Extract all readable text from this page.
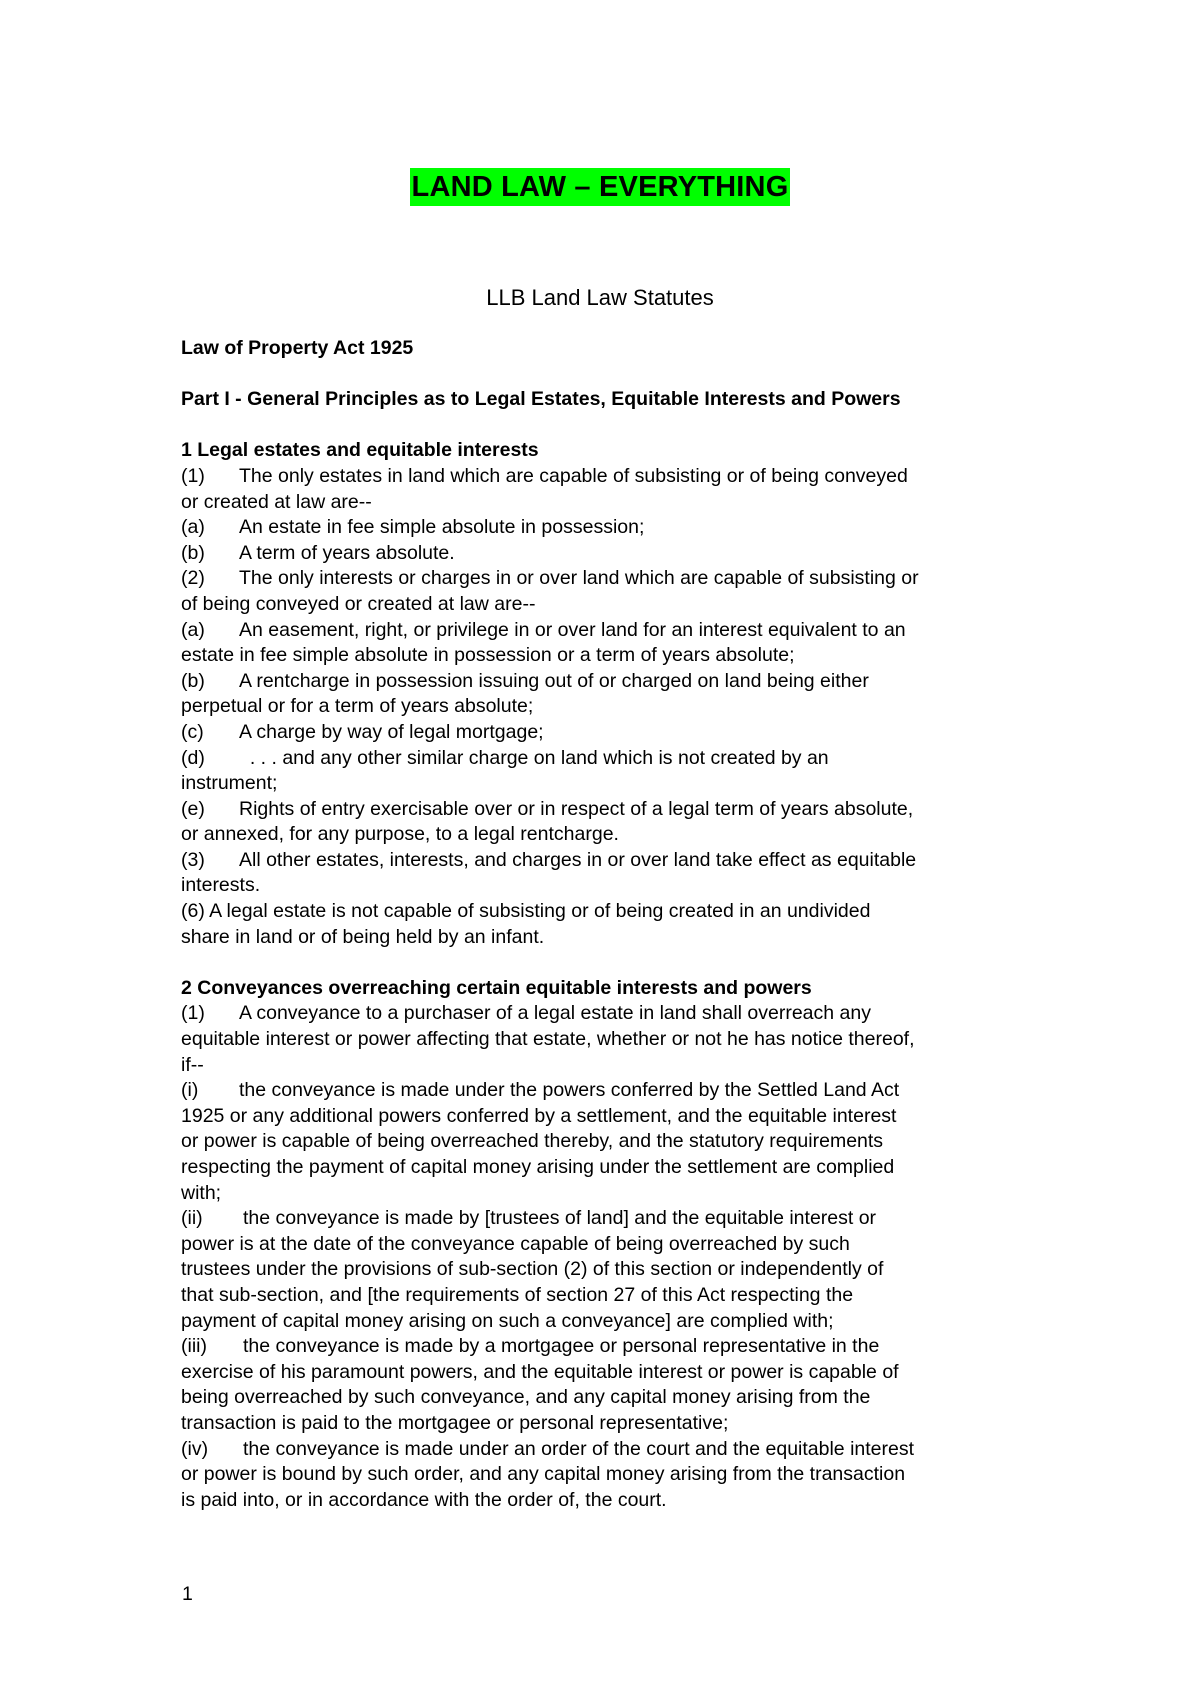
LAND LAW – EVERYTHING
LLB Land Law Statutes
Law of Property Act 1925
Part I - General Principles as to Legal Estates, Equitable Interests and Powers
1 Legal estates and equitable interests
(1) The only estates in land which are capable of subsisting or of being conveyed
or created at law are--
(a) An estate in fee simple absolute in possession;
(b) A term of years absolute.
(2) The only interests or charges in or over land which are capable of subsisting or
of being conveyed or created at law are--
(a) An easement, right, or privilege in or over land for an interest equivalent to an
estate in fee simple absolute in possession or a term of years absolute;
(b) A rentcharge in possession issuing out of or charged on land being either
perpetual or for a term of years absolute;
(c) A charge by way of legal mortgage;
(d)  . . . and any other similar charge on land which is not created by an
instrument;
(e) Rights of entry exercisable over or in respect of a legal term of years absolute,
or annexed, for any purpose, to a legal rentcharge.
(3) All other estates, interests, and charges in or over land take effect as equitable
interests.
(6) A legal estate is not capable of subsisting or of being created in an undivided
share in land or of being held by an infant.
2 Conveyances overreaching certain equitable interests and powers
(1) A conveyance to a purchaser of a legal estate in land shall overreach any
equitable interest or power affecting that estate, whether or not he has notice thereof,
if--
(i) the conveyance is made under the powers conferred by the Settled Land Act
1925 or any additional powers conferred by a settlement, and the equitable interest
or power is capable of being overreached thereby, and the statutory requirements
respecting the payment of capital money arising under the settlement are complied
with;
(ii) the conveyance is made by [trustees of land] and the equitable interest or
power is at the date of the conveyance capable of being overreached by such
trustees under the provisions of sub-section (2) of this section or independently of
that sub-section, and [the requirements of section 27 of this Act respecting the
payment of capital money arising on such a conveyance] are complied with;
(iii) the conveyance is made by a mortgagee or personal representative in the
exercise of his paramount powers, and the equitable interest or power is capable of
being overreached by such conveyance, and any capital money arising from the
transaction is paid to the mortgagee or personal representative;
(iv) the conveyance is made under an order of the court and the equitable interest
or power is bound by such order, and any capital money arising from the transaction
is paid into, or in accordance with the order of, the court.
1
